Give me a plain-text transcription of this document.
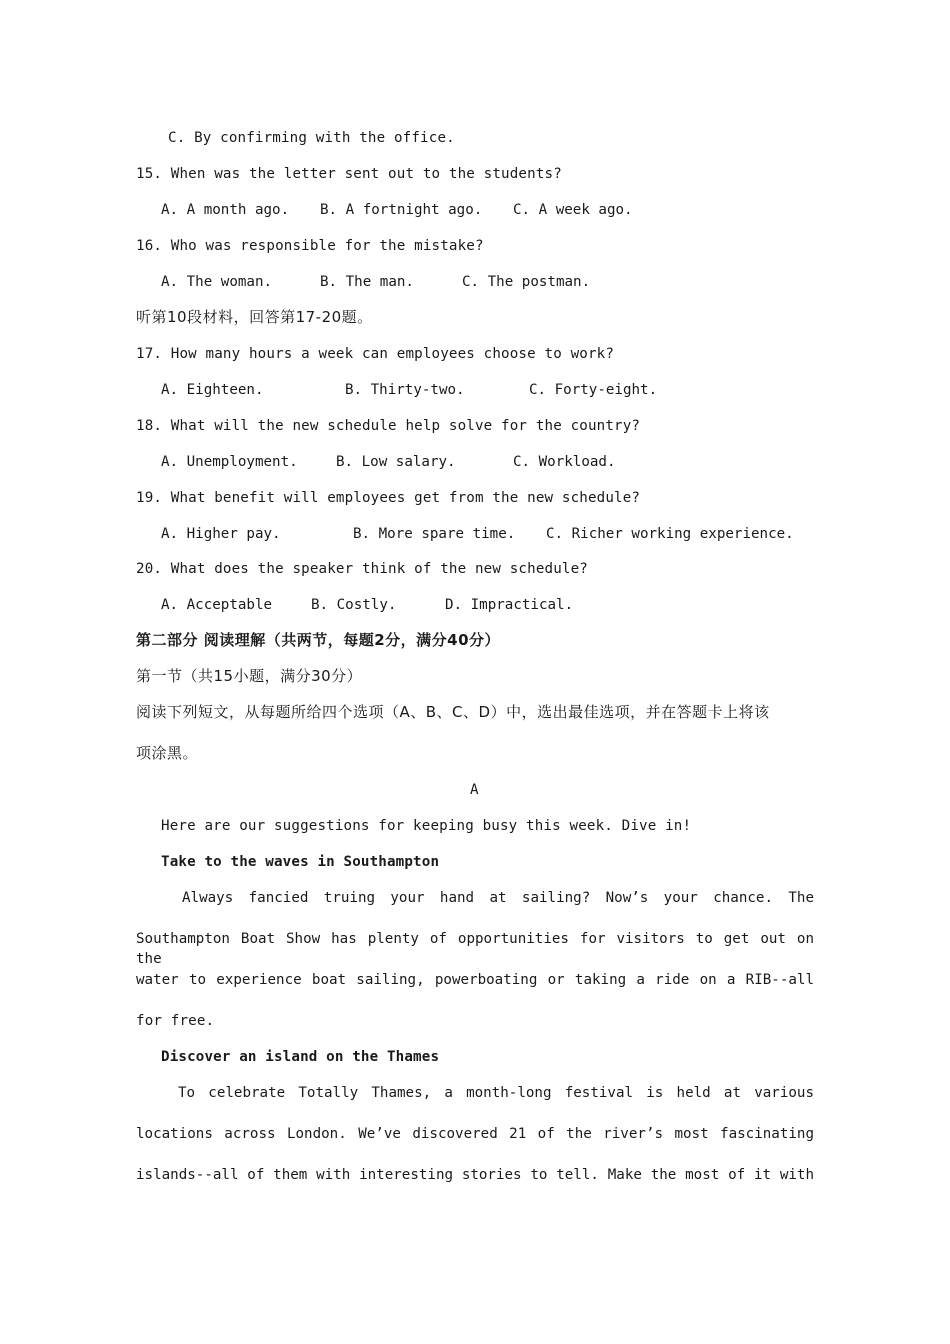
C. By confirming with the office.
15. When was the letter sent out to the students?

A. A month ago.

B. A fortnight ago.

C. A week ago.

16. Who was responsible for the mistake?

A. The woman.

	B. The man.

	C. The postman.

听第10段材料，回答第17-20题。
17. How many hours a week can employees choose to work?

A. Eighteen.

	B. Thirty-two.

	C. Forty-eight.

18. What will the new schedule help solve for the country?

A. Unemployment.

	B. Low salary.

	C. Workload.

19. What benefit will employees get from the new schedule?

A. Higher pay.

	B. More spare time.

C. Richer working experience.

20. What does the speaker think of the new schedule?

A. Acceptable

	B. Costly.

	D. Impractical.

第二部分 阅读理解（共两节，每题2分，满分40分）
第一节（共15小题，满分30分）
阅读下列短文，从每题所给四个选项（A、B、C、D）中，选出最佳选项，并在答题卡上将该
项涂黑。
A
Here are our suggestions for keeping busy this week. Dive in!
Take to the waves in Southampton
Always fancied truing your hand at sailing? Now’s your chance. The
Southampton Boat Show has plenty of opportunities for visitors to get out on the
water to experience boat sailing, powerboating or taking a ride on a RIB--all
for free.
Discover an island on the Thames
To celebrate Totally Thames, a month-long festival is held at various
locations across London. We’ve discovered 21 of the river’s most fascinating
islands--all of them with interesting stories to tell. Make the most of it with
